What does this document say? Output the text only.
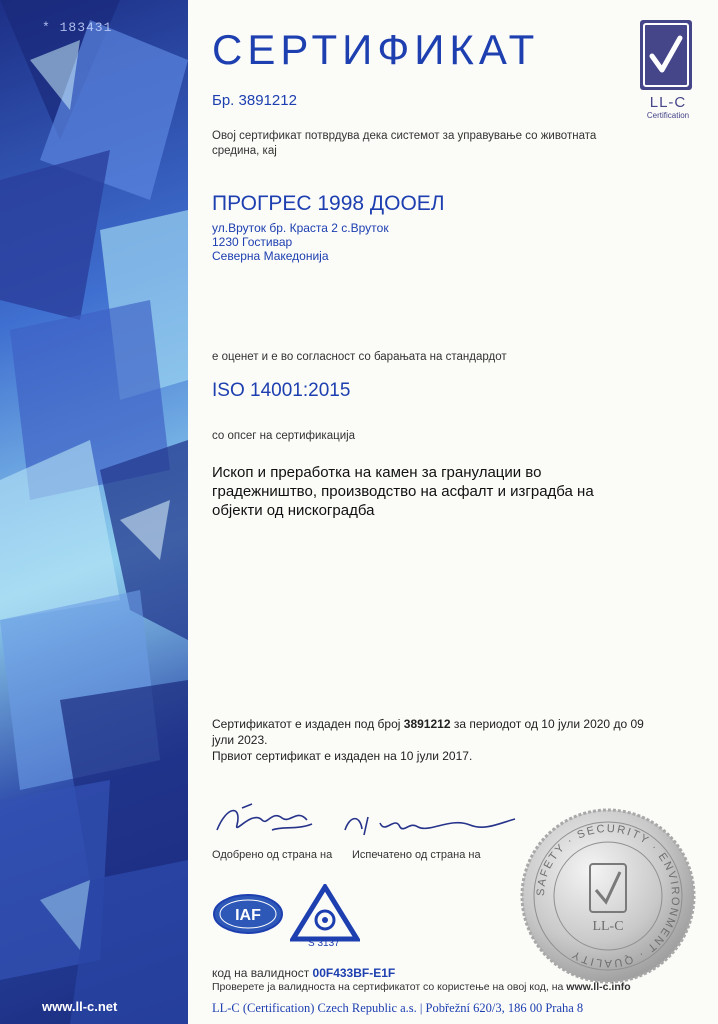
* 183431
www.ll-c.net
LL-C
Certification
СЕРТИФИКАТ
Бр. 3891212
Овој сертификат потврдува дека системот за управување со животната средина, кај
ПРОГРЕС 1998 ДООЕЛ
ул.Врутoк бр. Краста 2 с.Врутoк
1230 Гостивар
Северна Македонија
е оценет и е во согласност со барањата на стандардот
ISO 14001:2015
со опсег на сертификација
Ископ и преработка на камен за гранулации во градежништво, производство на асфалт и изградба на објекти од нискоградба
Сертификатот е издаден под број 3891212 за периодот од 10 јули 2020 до 09 јули 2023.
Првиот сертификат е издаден на 10 јули 2017.
Одобрено од страна на Испечатено од страна на
SAFETY · SECURITY · ENVIRONMENT · QUALITY
LL-C
IAF
S 3137
код на валидност 00F433BF-E1F
Проверете ја валидноста на сертификатот со користење на овој код, на www.ll-c.info
LL-C (Certification) Czech Republic a.s. | Pobřežní 620/3, 186 00 Praha 8
